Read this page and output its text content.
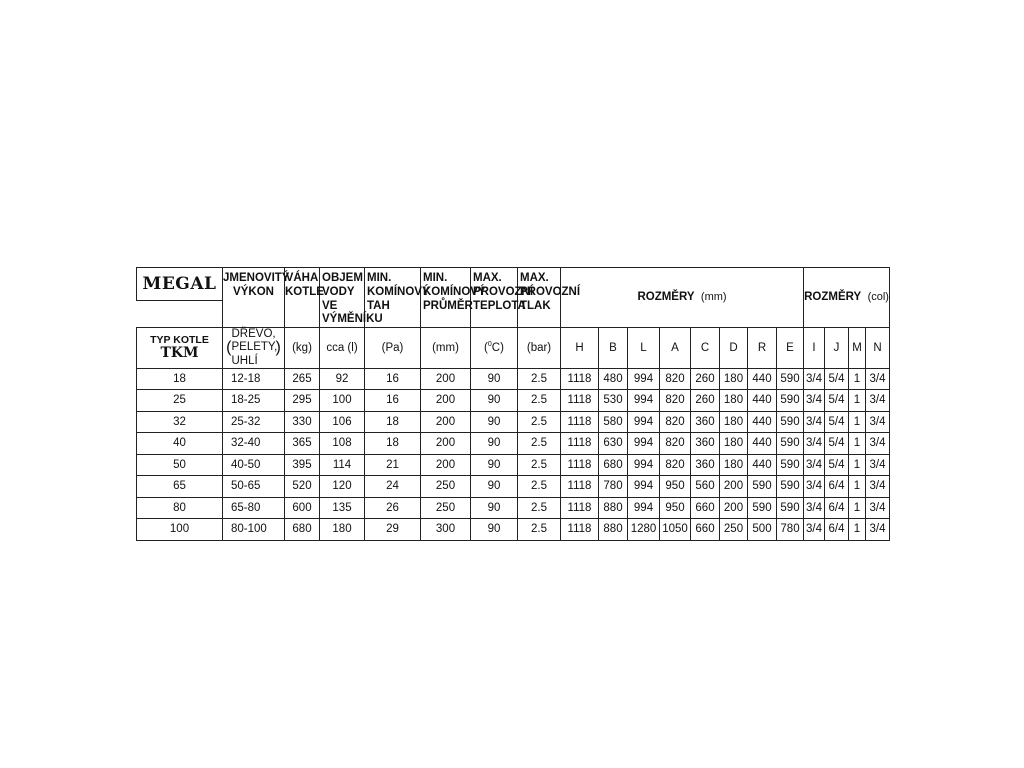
MEGAL	JMENOVITÝ VÝKON	VÁHA KOTLE	OBJEM VODY VE VÝMĚNÍKU	MIN. KOMÍNOVÝ TAH	MIN. KOMÍNOVÝ PRŮMĚR	MAX. PROVOZNÍ TEPLOTA	MAX. PROVOZNÍ TLAK	ROZMĚRY (mm)								ROZMĚRY (col)			

TYP KOTLE
TKM	(DŘEVO, PELETY, UHLÍ)	(kg)	cca (l)	(Pa)	(mm)	($^0$C)	(bar)	H	B	L	A	C	D	R	E	I	J	M	N
18	12-18	265	92	16	200	90	2.5	1118	480	994	820	260	180	440	590	3/4	5/4	1	3/4
25	18-25	295	100	16	200	90	2.5	1118	530	994	820	260	180	440	590	3/4	5/4	1	3/4
32	25-32	330	106	18	200	90	2.5	1118	580	994	820	360	180	440	590	3/4	5/4	1	3/4
40	32-40	365	108	18	200	90	2.5	1118	630	994	820	360	180	440	590	3/4	5/4	1	3/4
50	40-50	395	114	21	200	90	2.5	1118	680	994	820	360	180	440	590	3/4	5/4	1	3/4
65	50-65	520	120	24	250	90	2.5	1118	780	994	950	560	200	590	590	3/4	6/4	1	3/4
80	65-80	600	135	26	250	90	2.5	1118	880	994	950	660	200	590	590	3/4	6/4	1	3/4
100	80-100	680	180	29	300	90	2.5	1118	880	1280	1050	660	250	500	780	3/4	6/4	1	3/4
